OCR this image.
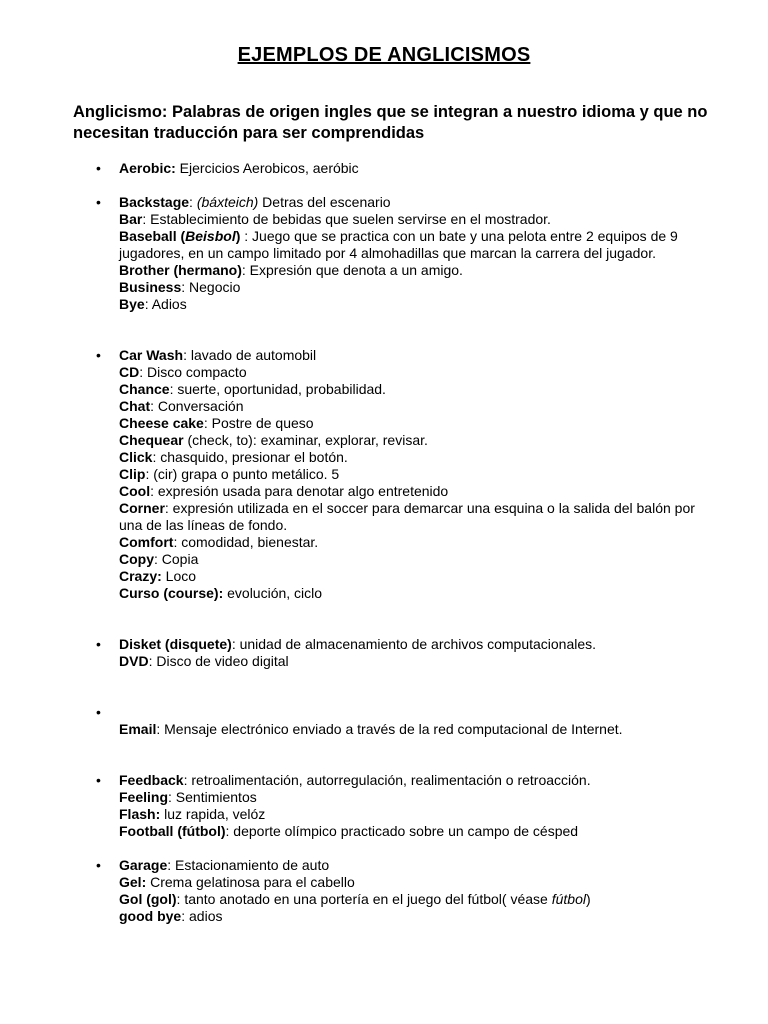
EJEMPLOS DE ANGLICISMOS
Anglicismo: Palabras de origen ingles que se integran a nuestro idioma y que no necesitan traducción para ser comprendidas
•	Aerobic: Ejercicios Aerobicos, aeróbic
•	Backstage: (báxteich) Detras del escenario
Bar: Establecimiento de bebidas que suelen servirse en el mostrador.
Baseball (Beisbol) : Juego que se practica con un bate y una pelota entre 2 equipos de 9 jugadores, en un campo limitado por 4 almohadillas que marcan la carrera del jugador.
Brother (hermano): Expresión que denota a un amigo.
Business: Negocio
Bye: Adios
•	Car Wash: lavado de automobil
CD: Disco compacto
Chance: suerte, oportunidad, probabilidad.
Chat: Conversación
Cheese cake: Postre de queso
Chequear (check, to): examinar, explorar, revisar.
Click: chasquido, presionar el botón.
Clip: (cir) grapa o punto metálico. 5
Cool: expresión usada para denotar algo entretenido
Corner: expresión utilizada en el soccer para demarcar una esquina o la salida del balón por una de las líneas de fondo.
Comfort: comodidad, bienestar.
Copy: Copia
Crazy: Loco
Curso (course): evolución, ciclo
•	Disket (disquete): unidad de almacenamiento de archivos computacionales.
DVD: Disco de video digital
•

Email: Mensaje electrónico enviado a través de la red computacional de Internet.
•	Feedback: retroalimentación, autorregulación, realimentación o retroacción.
Feeling: Sentimientos
Flash: luz rapida, velóz
Football (fútbol): deporte olímpico practicado sobre un campo de césped
•	Garage: Estacionamiento de auto
Gel: Crema gelatinosa para el cabello
Gol (gol): tanto anotado en una portería en el juego del fútbol( véase fútbol)
good bye: adios
